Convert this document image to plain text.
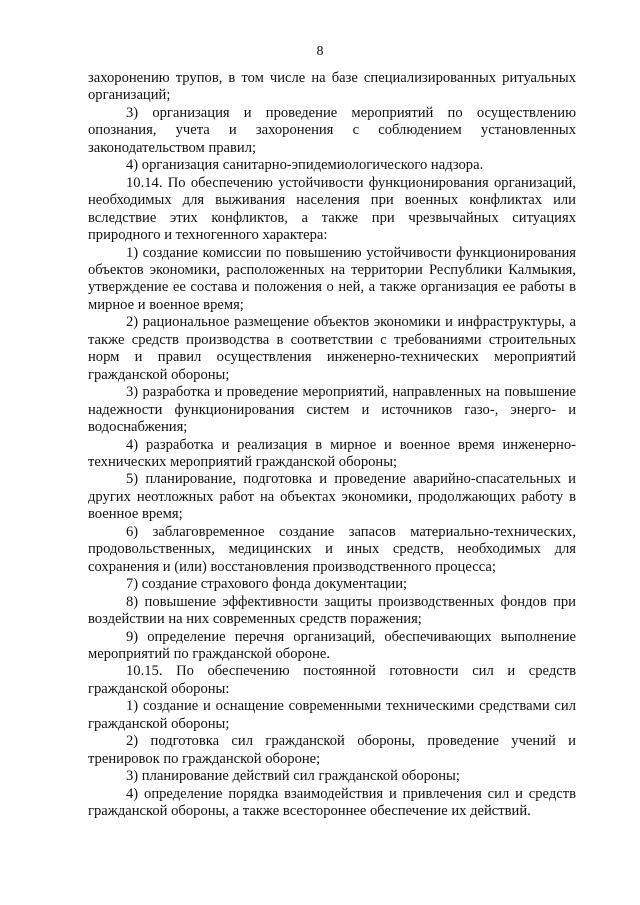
8

захоронению трупов, в том числе на базе специализированных ритуальных организаций;

3) организация и проведение мероприятий по осуществлению опознания, учета и захоронения с соблюдением установленных законодательством правил;

4) организация санитарно-эпидемиологического надзора.

10.14. По обеспечению устойчивости функционирования организаций, необходимых для выживания населения при военных конфликтах или вследствие этих конфликтов, а также при чрезвычайных ситуациях природного и техногенного характера:

1) создание комиссии по повышению устойчивости функционирования объектов экономики, расположенных на территории Республики Калмыкия, утверждение ее состава и положения о ней, а также организация ее работы в мирное и военное время;

2) рациональное размещение объектов экономики и инфраструктуры, а также средств производства в соответствии с требованиями строительных норм и правил осуществления инженерно-технических мероприятий гражданской обороны;

3) разработка и проведение мероприятий, направленных на повышение надежности функционирования систем и источников газо-, энерго- и водоснабжения;

4) разработка и реализация в мирное и военное время инженерно-технических мероприятий гражданской обороны;

5) планирование, подготовка и проведение аварийно-спасательных и других неотложных работ на объектах экономики, продолжающих работу в военное время;

6) заблаговременное создание запасов материально-технических, продовольственных, медицинских и иных средств, необходимых для сохранения и (или) восстановления производственного процесса;

7) создание страхового фонда документации;

8) повышение эффективности защиты производственных фондов при воздействии на них современных средств поражения;

9) определение перечня организаций, обеспечивающих выполнение мероприятий по гражданской обороне.

10.15. По обеспечению постоянной готовности сил и средств гражданской обороны:

1) создание и оснащение современными техническими средствами сил гражданской обороны;

2) подготовка сил гражданской обороны, проведение учений и тренировок по гражданской обороне;

3) планирование действий сил гражданской обороны;

4) определение порядка взаимодействия и привлечения сил и средств гражданской обороны, а также всестороннее обеспечение их действий.
